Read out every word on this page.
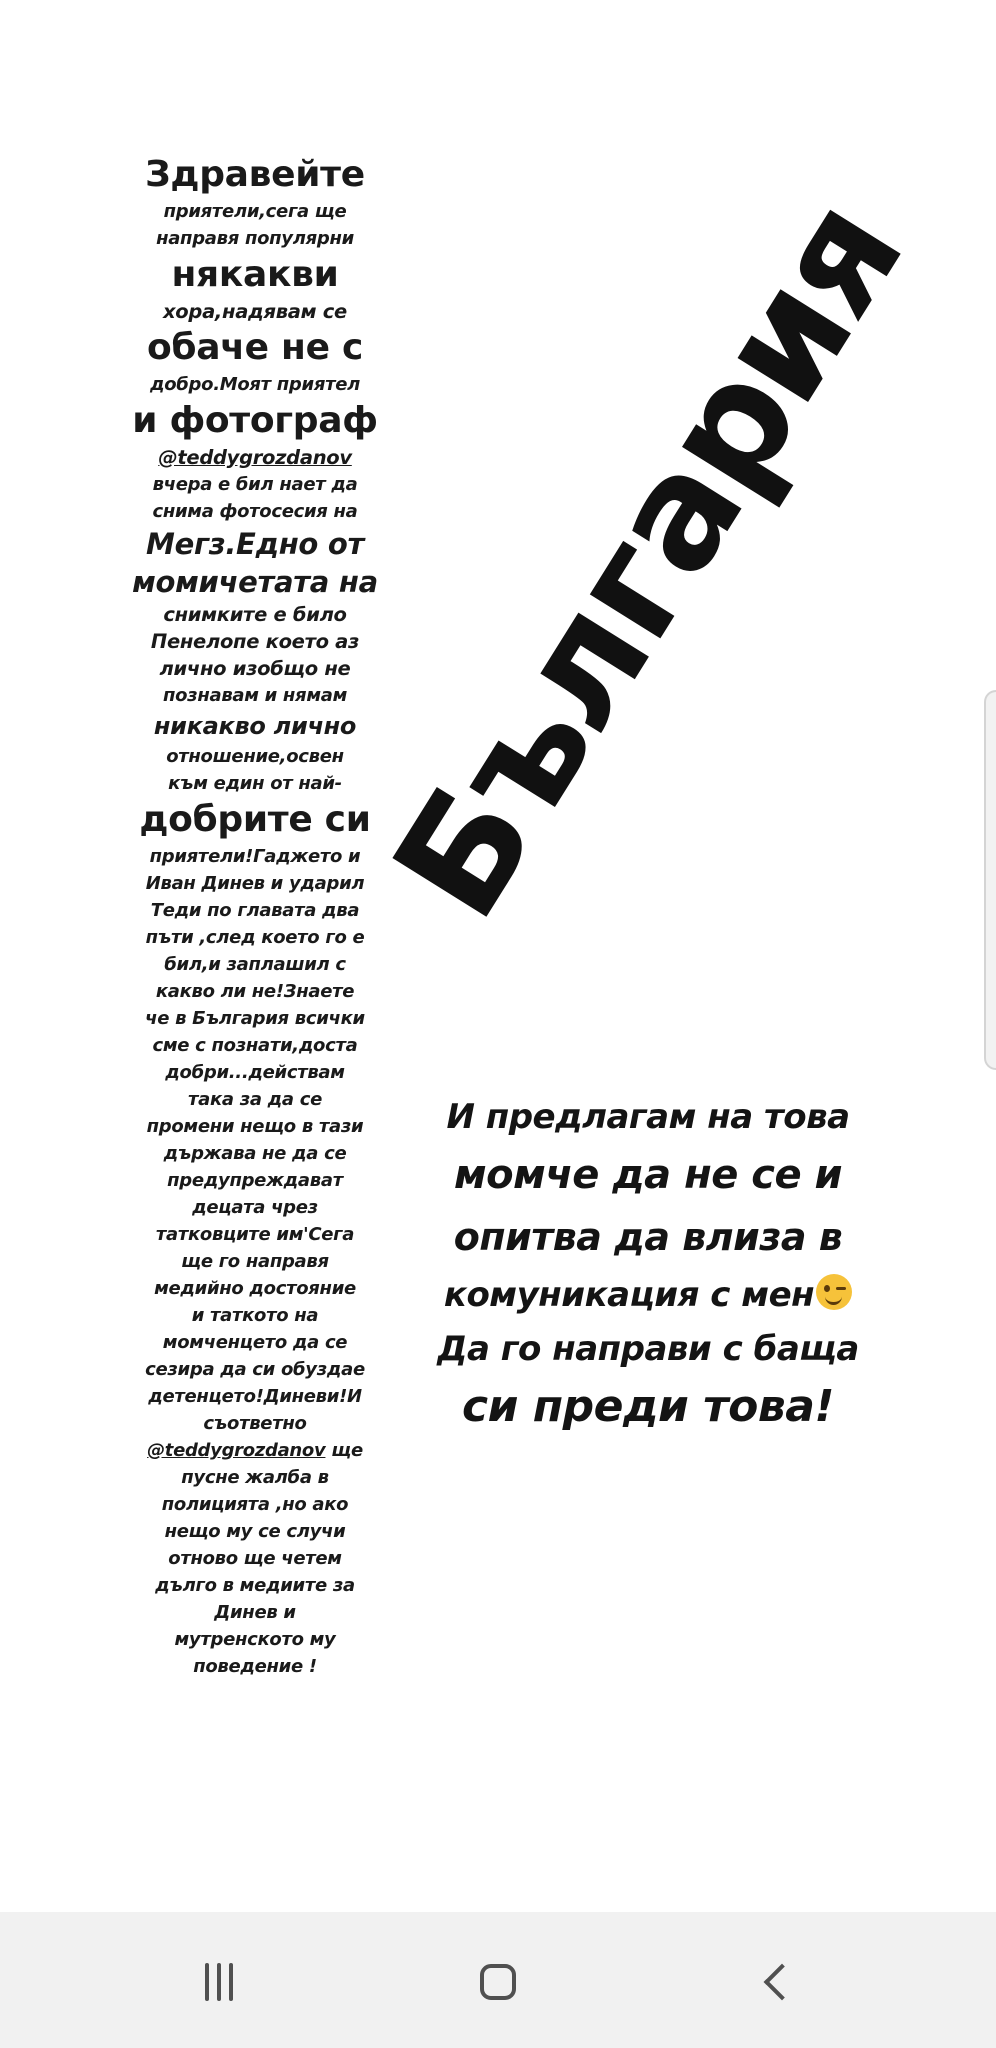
Здравейте
приятели,сега ще
направя популярни
някакви
хора,надявам се
обаче не с
добро.Моят приятел
и фотограф
@teddygrozdanov
вчера е бил нает да
снима фотосесия на
Мегз.Едно от
момичетата на
снимките е било
Пенелопе което аз
лично изобщо не
познавам и нямам
никакво лично
отношение,освен
към един от най-
добрите си
приятели!Гаджето и
Иван Динев и ударил
Теди по главата два
пъти ,след което го е
бил,и заплашил с
какво ли не!Знаете
че в България всички
сме с познати,доста
добри...действам
така за да се
промени нещо в тази
държава не да се
предупреждават
децата чрез
татковците им'Сега
ще го направя
медийно достояние
и таткото на
момченцето да се
сезира да си обуздае
детенцето!Диневи!И
съответно
@teddygrozdanov ще
пусне жалба в
полицията ,но ако
нещо му се случи
отново ще четем
дълго в медиите за
Динев и
мутренското му
поведение !
България
И предлагам на това
момче да не се и
опитва да влиза в
комуникация с мен
Да го направи с баща
си преди това!
